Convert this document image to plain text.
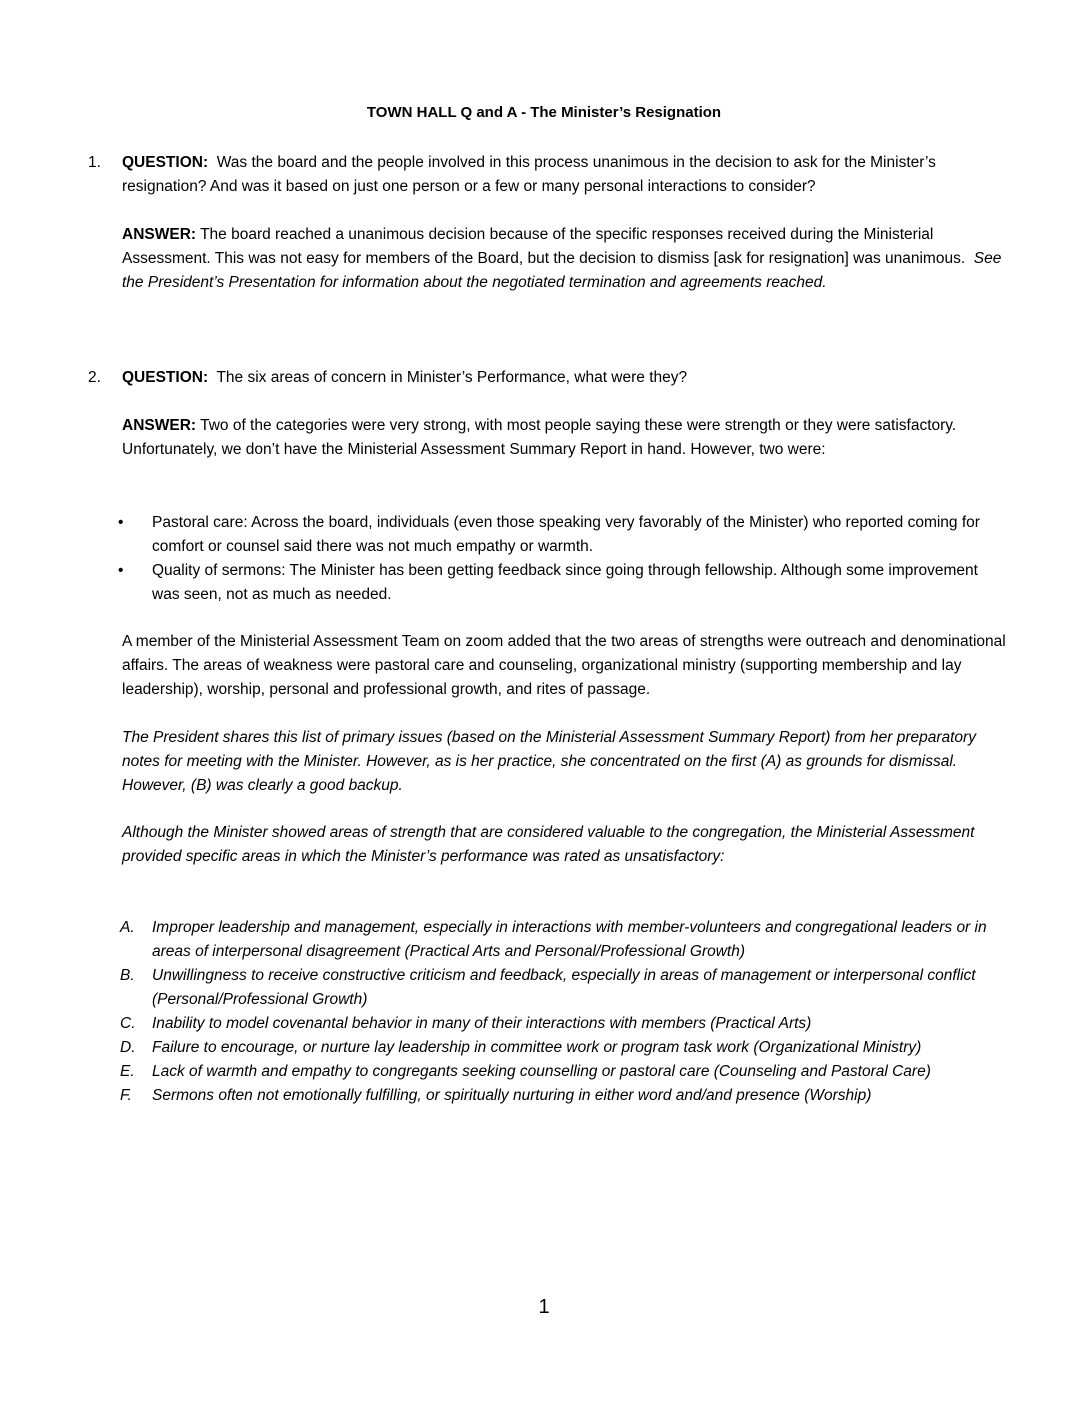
TOWN HALL Q and A - The Minister’s Resignation
1. QUESTION: Was the board and the people involved in this process unanimous in the decision to ask for the Minister’s resignation? And was it based on just one person or a few or many personal interactions to consider?

ANSWER: The board reached a unanimous decision because of the specific responses received during the Ministerial Assessment. This was not easy for members of the Board, but the decision to dismiss [ask for resignation] was unanimous. See the President’s Presentation for information about the negotiated termination and agreements reached.

2. QUESTION: The six areas of concern in Minister’s Performance, what were they?

ANSWER: Two of the categories were very strong, with most people saying these were strength or they were satisfactory. Unfortunately, we don’t have the Ministerial Assessment Summary Report in hand. However, two were:

• Pastoral care: Across the board, individuals (even those speaking very favorably of the Minister) who reported coming for comfort or counsel said there was not much empathy or warmth.
• Quality of sermons: The Minister has been getting feedback since going through fellowship. Although some improvement was seen, not as much as needed.

A member of the Ministerial Assessment Team on zoom added that the two areas of strengths were outreach and denominational affairs. The areas of weakness were pastoral care and counseling, organizational ministry (supporting membership and lay leadership), worship, personal and professional growth, and rites of passage.

The President shares this list of primary issues (based on the Ministerial Assessment Summary Report) from her preparatory notes for meeting with the Minister. However, as is her practice, she concentrated on the first (A) as grounds for dismissal. However, (B) was clearly a good backup.

Although the Minister showed areas of strength that are considered valuable to the congregation, the Ministerial Assessment provided specific areas in which the Minister’s performance was rated as unsatisfactory:

A. Improper leadership and management, especially in interactions with member-volunteers and congregational leaders or in areas of interpersonal disagreement (Practical Arts and Personal/Professional Growth)
B. Unwillingness to receive constructive criticism and feedback, especially in areas of management or interpersonal conflict (Personal/Professional Growth)
C. Inability to model covenantal behavior in many of their interactions with members (Practical Arts)
D. Failure to encourage, or nurture lay leadership in committee work or program task work (Organizational Ministry)
E. Lack of warmth and empathy to congregants seeking counselling or pastoral care (Counseling and Pastoral Care)
F. Sermons often not emotionally fulfilling, or spiritually nurturing in either word and/and presence (Worship)
1
